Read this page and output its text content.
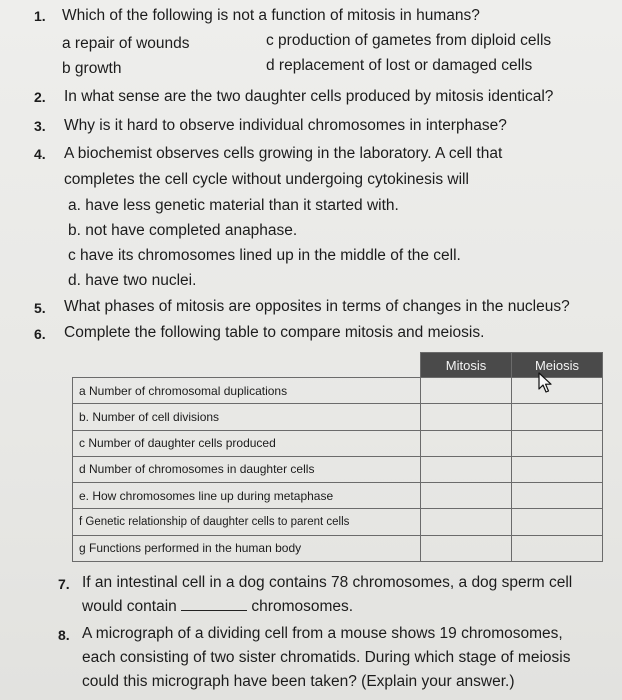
1. Which of the following is not a function of mitosis in humans?
a repair of wounds	c production of gametes from diploid cells
b growth	d replacement of lost or damaged cells
2. In what sense are the two daughter cells produced by mitosis identical?
3. Why is it hard to observe individual chromosomes in interphase?
4. A biochemist observes cells growing in the laboratory. A cell that
completes the cell cycle without undergoing cytokinesis will
a. have less genetic material than it started with.
b. not have completed anaphase.
c have its chromosomes lined up in the middle of the cell.
d. have two nuclei.
5. What phases of mitosis are opposites in terms of changes in the nucleus?
6. Complete the following table to compare mitosis and meiosis.
	Mitosis	Meiosis
a Number of chromosomal duplications		
b. Number of cell divisions		
c Number of daughter cells produced		
d Number of chromosomes in daughter cells		
e. How chromosomes line up during metaphase		
f Genetic relationship of daughter cells to parent cells		
g Functions performed in the human body		
7. If an intestinal cell in a dog contains 78 chromosomes, a dog sperm cell
would contain	chromosomes.
8. A micrograph of a dividing cell from a mouse shows 19 chromosomes,
each consisting of two sister chromatids. During which stage of meiosis
could this micrograph have been taken? (Explain your answer.)
